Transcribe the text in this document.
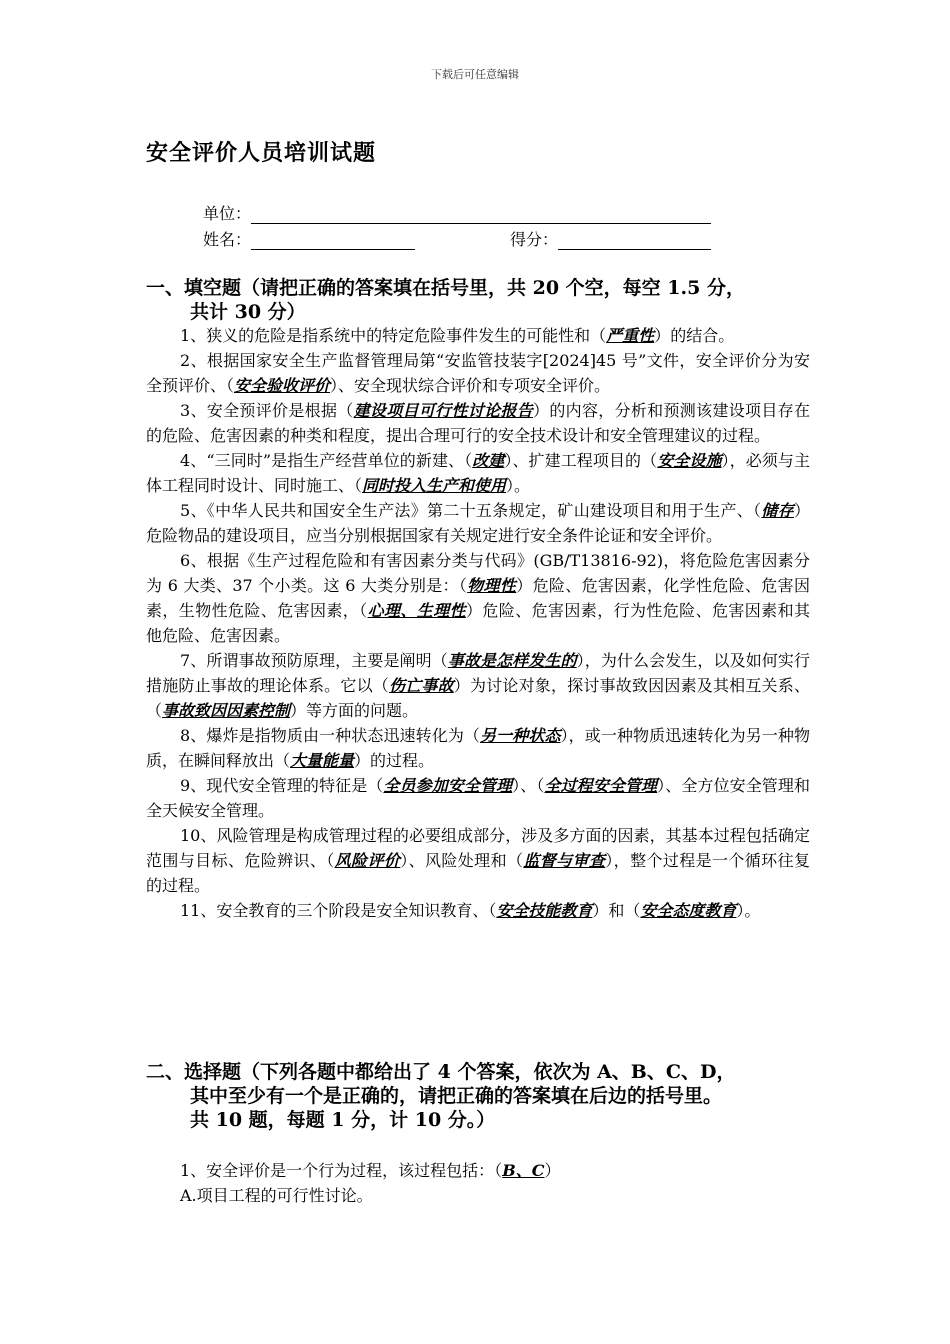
下载后可任意编辑
安全评价人员培训试题
单位：
姓名：	得分：
一、填空题（请把正确的答案填在括号里，共 20 个空，每空 1.5 分，
共计 30 分）

1、狭义的危险是指系统中的特定危险事件发生的可能性和（严重性）的结合。

2、根据国家安全生产监督管理局第“安监管技装字[2024]45 号”文件，安全评价分为安全预评价、（安全验收评价）、安全现状综合评价和专项安全评价。

3、安全预评价是根据（建设项目可行性讨论报告）的内容，分析和预测该建设项目存在的危险、危害因素的种类和程度，提出合理可行的安全技术设计和安全管理建议的过程。

4、“三同时”是指生产经营单位的新建、（改建）、扩建工程项目的（安全设施），必须与主体工程同时设计、同时施工、（同时投入生产和使用）。

5、《中华人民共和国安全生产法》第二十五条规定，矿山建设项目和用于生产、（储存）危险物品的建设项目，应当分别根据国家有关规定进行安全条件论证和安全评价。

6、根据《生产过程危险和有害因素分类与代码》(GB/T13816-92)，将危险危害因素分为 6 大类、37 个小类。这 6 大类分别是：（物理性）危险、危害因素，化学性危险、危害因素，生物性危险、危害因素，（心理、生理性）危险、危害因素，行为性危险、危害因素和其他危险、危害因素。

7、所谓事故预防原理，主要是阐明（事故是怎样发生的），为什么会发生，以及如何实行措施防止事故的理论体系。它以（伤亡事故）为讨论对象，探讨事故致因因素及其相互关系、（事故致因因素控制）等方面的问题。

8、爆炸是指物质由一种状态迅速转化为（另一种状态），或一种物质迅速转化为另一种物质，在瞬间释放出（大量能量）的过程。

9、现代安全管理的特征是（全员参加安全管理）、（全过程安全管理）、全方位安全管理和全天候安全管理。

10、风险管理是构成管理过程的必要组成部分，涉及多方面的因素，其基本过程包括确定范围与目标、危险辨识、（风险评价）、风险处理和（监督与审查），整个过程是一个循环往复的过程。

11、安全教育的三个阶段是安全知识教育、（安全技能教育）和（安全态度教育）。

二、选择题（下列各题中都给出了 4 个答案，依次为 A、B、C、D，
其中至少有一个是正确的，请把正确的答案填在后边的括号里。
共 10 题，每题 1 分，计 10 分。）

1、安全评价是一个行为过程，该过程包括：（B、C）

A.项目工程的可行性讨论。
